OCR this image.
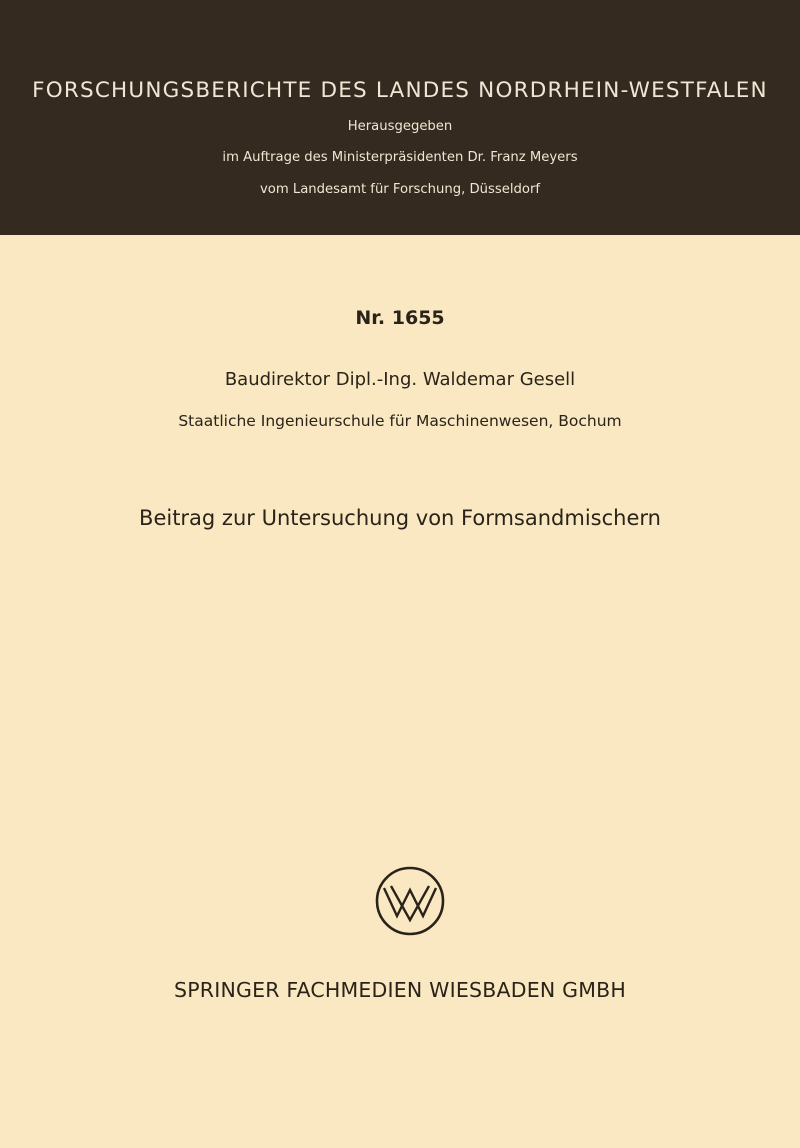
FORSCHUNGSBERICHTE DES LANDES NORDRHEIN-WESTFALEN
Herausgegeben
im Auftrage des Ministerpräsidenten Dr. Franz Meyers
vom Landesamt für Forschung, Düsseldorf
Nr. 1655
Baudirektor Dipl.-Ing. Waldemar Gesell
Staatliche Ingenieurschule für Maschinenwesen, Bochum
Beitrag zur Untersuchung von Formsandmischern
SPRINGER FACHMEDIEN WIESBADEN GMBH
